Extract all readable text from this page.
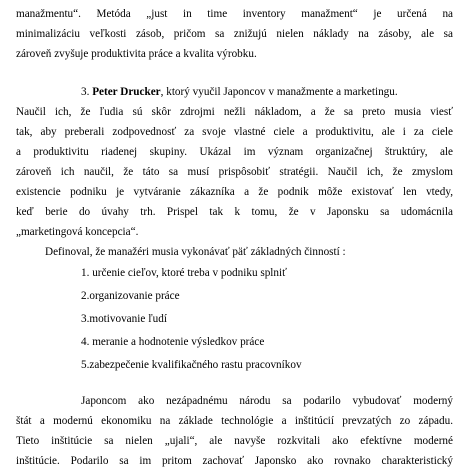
manažmentu“. Metóda „just in time inventory manažment“ je určená na
minimalizáciu veľkosti zásob, pričom sa znižujú nielen náklady na zásoby, ale sa
zároveň zvyšuje produktivita práce a kvalita výrobku.
3. Peter Drucker, ktorý vyučil Japoncov v manažmente a marketingu.
Naučil ich, že ľudia sú skôr zdrojmi nežli nákladom, a že sa preto musia viesť
tak, aby preberali zodpovednosť za svoje vlastné ciele a produktivitu, ale i za ciele
a produktivitu riadenej skupiny. Ukázal im význam organizačnej štruktúry, ale
zároveň ich naučil, že táto sa musí prispôsobiť stratégii. Naučil ich, že zmyslom
existencie podniku je vytváranie zákazníka a že podnik môže existovať len vtedy,
keď berie do úvahy trh. Prispel tak k tomu, že v Japonsku sa udomácnila
„marketingová koncepcia“.
Definoval, že manažéri musia vykonávať päť základných činností :
1. určenie cieľov, ktoré treba v podniku splniť
2.organizovanie práce
3.motivovanie ľudí
4. meranie a hodnotenie výsledkov práce
5.zabezpečenie kvalifikačného rastu pracovníkov
Japoncom ako nezápadnému národu sa podarilo vybudovať moderný
štát a modernú ekonomiku na základe technológie a inštitúcií prevzatých zo západu.
Tieto inštitúcie sa nielen „ujali“, ale navyše rozkvitali ako efektívne moderné
inštitúcie. Podarilo sa im pritom zachovať Japonsko ako rovnako charakteristický
